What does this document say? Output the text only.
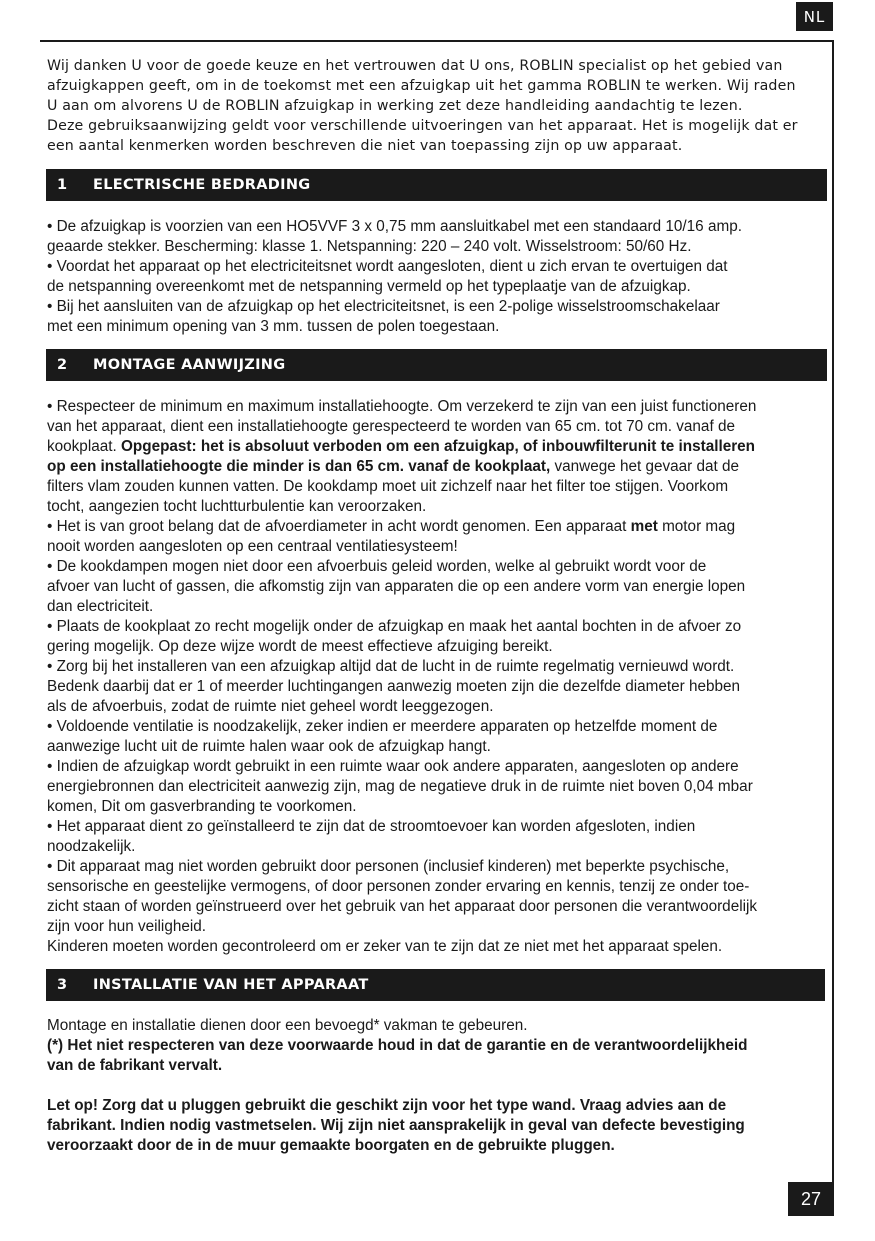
NL

Wij danken U voor de goede keuze en het vertrouwen dat U ons, ROBLIN specialist op het gebied van

afzuigkappen geeft, om in de toekomst met een afzuigkap uit het gamma ROBLIN te werken. Wij raden

U aan om alvorens U de ROBLIN afzuigkap in werking zet deze handleiding aandachtig te lezen.

Deze gebruiksaanwijzing geldt voor verschillende uitvoeringen van het apparaat. Het is mogelijk dat er

een aantal kenmerken worden beschreven die niet van toepassing zijn op uw apparaat.

1 ELECTRISCHE BEDRADING

• De afzuigkap is voorzien van een HO5VVF 3 x 0,75 mm aansluitkabel met een standaard 10/16 amp.

geaarde stekker. Bescherming: klasse 1. Netspanning: 220 – 240 volt. Wisselstroom: 50/60 Hz.

• Voordat het apparaat op het electriciteitsnet wordt aangesloten, dient u zich ervan te overtuigen dat

de netspanning overeenkomt met de netspanning vermeld op het typeplaatje van de afzuigkap.

• Bij het aansluiten van de afzuigkap op het electriciteitsnet, is een 2-polige wisselstroomschakelaar

met een minimum opening van 3 mm. tussen de polen toegestaan.

2 MONTAGE AANWIJZING

• Respecteer de minimum en maximum installatiehoogte. Om verzekerd te zijn van een juist functioneren

van het apparaat, dient een installatiehoogte gerespecteerd te worden van 65 cm. tot 70 cm. vanaf de

kookplaat. Opgepast: het is absoluut verboden om een afzuigkap, of inbouwfilterunit te installeren

op een installatiehoogte die minder is dan 65 cm. vanaf de kookplaat, vanwege het gevaar dat de

filters vlam zouden kunnen vatten. De kookdamp moet uit zichzelf naar het filter toe stijgen. Voorkom

tocht, aangezien tocht luchtturbulentie kan veroorzaken.

• Het is van groot belang dat de afvoerdiameter in acht wordt genomen. Een apparaat met motor mag

nooit worden aangesloten op een centraal ventilatiesysteem!

• De kookdampen mogen niet door een afvoerbuis geleid worden, welke al gebruikt wordt voor de

afvoer van lucht of gassen, die afkomstig zijn van apparaten die op een andere vorm van energie lopen

dan electriciteit.

• Plaats de kookplaat zo recht mogelijk onder de afzuigkap en maak het aantal bochten in de afvoer zo

gering mogelijk. Op deze wijze wordt de meest effectieve afzuiging bereikt.

• Zorg bij het installeren van een afzuigkap altijd dat de lucht in de ruimte regelmatig vernieuwd wordt.

Bedenk daarbij dat er 1 of meerder luchtingangen aanwezig moeten zijn die dezelfde diameter hebben

als de afvoerbuis, zodat de ruimte niet geheel wordt leeggezogen.

• Voldoende ventilatie is noodzakelijk, zeker indien er meerdere apparaten op hetzelfde moment de

aanwezige lucht uit de ruimte halen waar ook de afzuigkap hangt.

• Indien de afzuigkap wordt gebruikt in een ruimte waar ook andere apparaten, aangesloten op andere

energiebronnen dan electriciteit aanwezig zijn, mag de negatieve druk in de ruimte niet boven 0,04 mbar

komen, Dit om gasverbranding te voorkomen.

• Het apparaat dient zo geïnstalleerd te zijn dat de stroomtoevoer kan worden afgesloten, indien

noodzakelijk.

• Dit apparaat mag niet worden gebruikt door personen (inclusief kinderen) met beperkte psychische,

sensorische en geestelijke vermogens, of door personen zonder ervaring en kennis, tenzij ze onder toe-

zicht staan of worden geïnstrueerd over het gebruik van het apparaat door personen die verantwoordelijk

zijn voor hun veiligheid.

Kinderen moeten worden gecontroleerd om er zeker van te zijn dat ze niet met het apparaat spelen.

3 INSTALLATIE VAN HET APPARAAT

Montage en installatie dienen door een bevoegd* vakman te gebeuren.

(*) Het niet respecteren van deze voorwaarde houd in dat de garantie en de verantwoordelijkheid

van de fabrikant vervalt.

Let op! Zorg dat u pluggen gebruikt die geschikt zijn voor het type wand. Vraag advies aan de

fabrikant. Indien nodig vastmetselen. Wij zijn niet aansprakelijk in geval van defecte bevestiging

veroorzaakt door de in de muur gemaakte boorgaten en de gebruikte pluggen.

27
